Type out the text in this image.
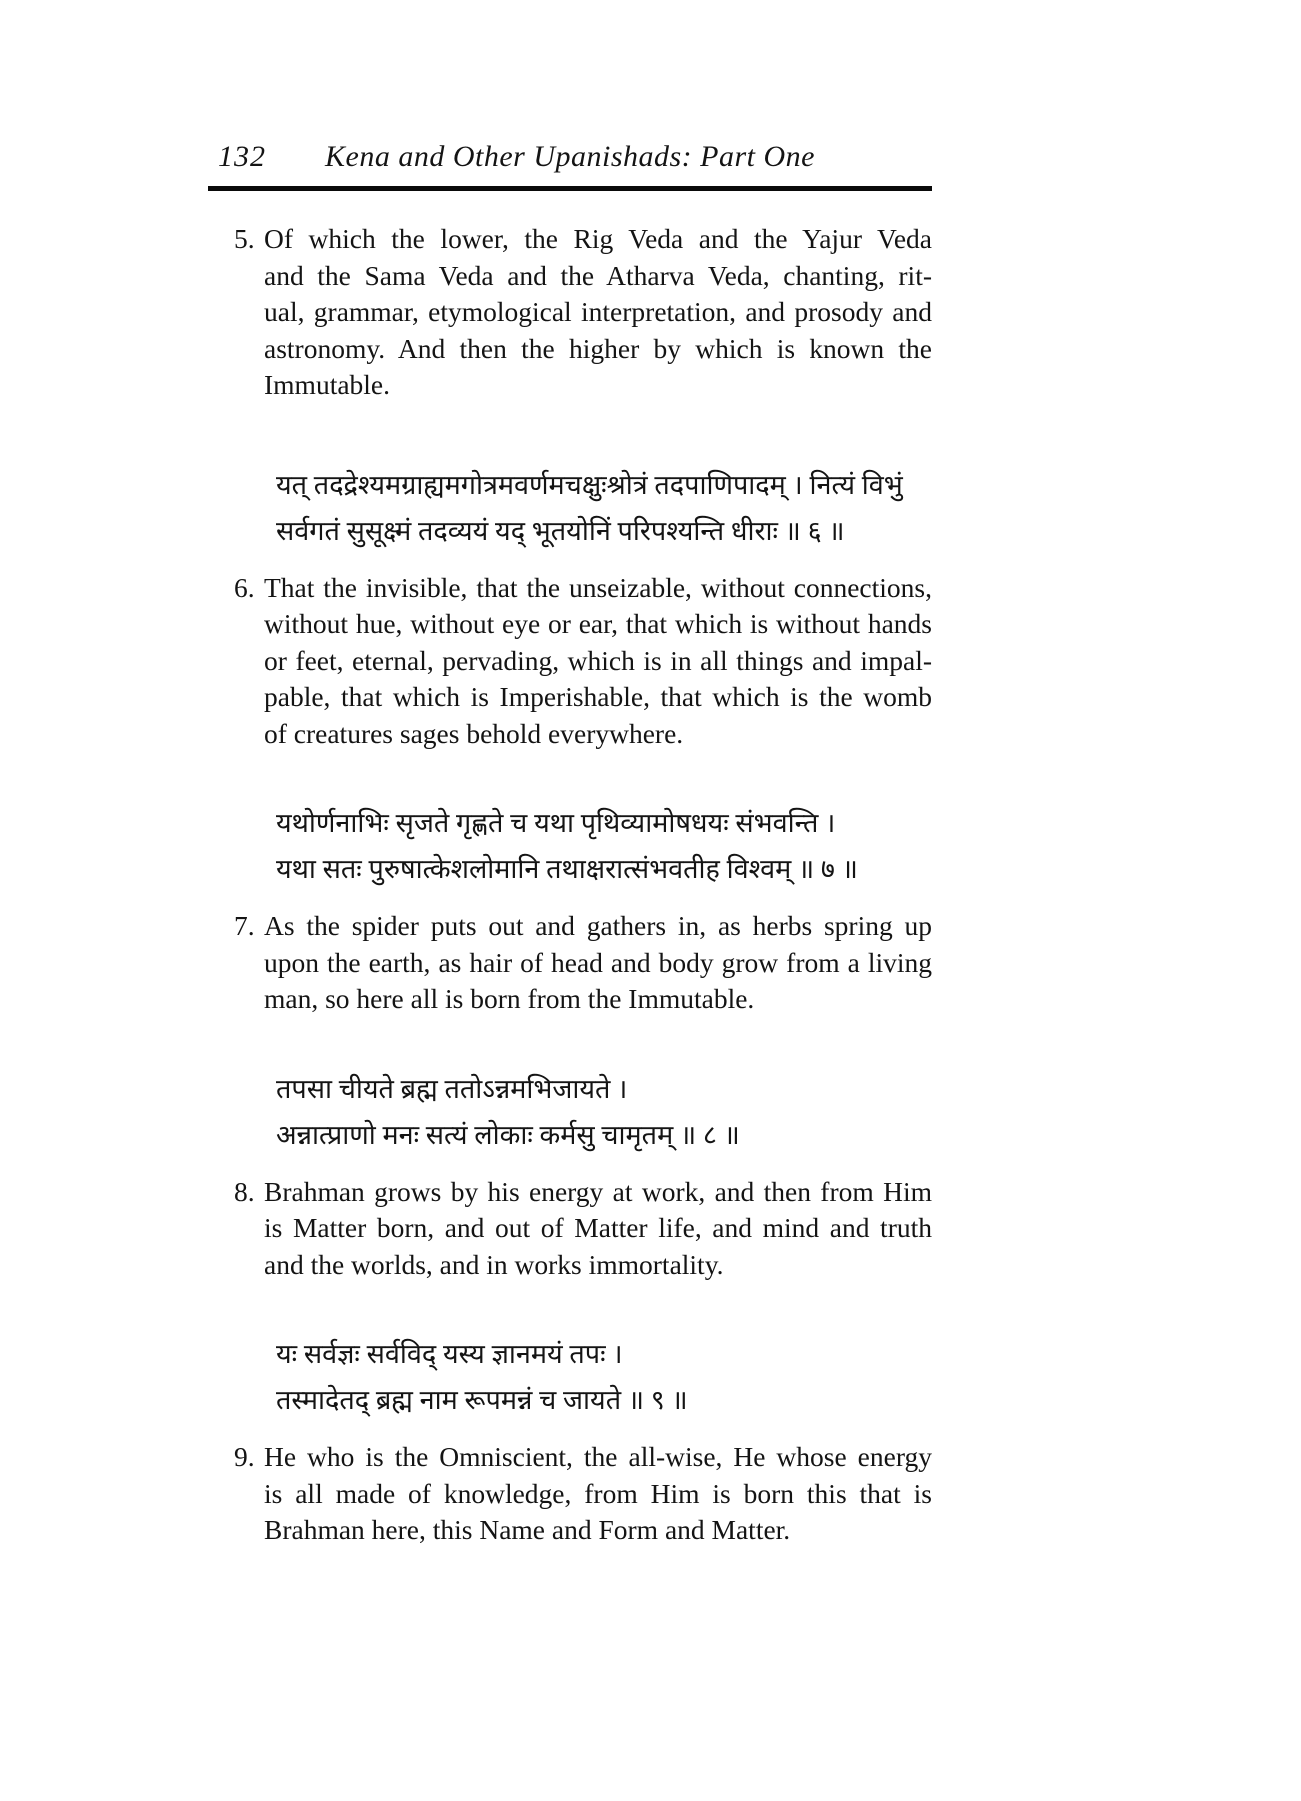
132	Kena and Other Upanishads: Part One
5. Of which the lower, the Rig Veda and the Yajur Veda
and the Sama Veda and the Atharva Veda, chanting, rit-
ual, grammar, etymological interpretation, and prosody and
astronomy. And then the higher by which is known the
Immutable.
यत् तदद्रेश्यमग्राह्यमगोत्रमवर्णमचक्षुःश्रोत्रं तदपाणिपादम् । नित्यं विभुं
सर्वगतं सुसूक्ष्मं तदव्ययं यद् भूतयोनिं परिपश्यन्ति धीराः ॥ ६ ॥
6. That the invisible, that the unseizable, without connections,
without hue, without eye or ear, that which is without hands
or feet, eternal, pervading, which is in all things and impal-
pable, that which is Imperishable, that which is the womb
of creatures sages behold everywhere.
यथोर्णनाभिः सृजते गृह्णते च यथा पृथिव्यामोषधयः संभवन्ति ।
यथा सतः पुरुषात्केशलोमानि तथाक्षरात्संभवतीह विश्वम् ॥ ७ ॥
7. As the spider puts out and gathers in, as herbs spring up
upon the earth, as hair of head and body grow from a living
man, so here all is born from the Immutable.
तपसा चीयते ब्रह्म ततोऽन्नमभिजायते ।
अन्नात्प्राणो मनः सत्यं लोकाः कर्मसु चामृतम् ॥ ८ ॥
8. Brahman grows by his energy at work, and then from Him
is Matter born, and out of Matter life, and mind and truth
and the worlds, and in works immortality.
यः सर्वज्ञः सर्वविद् यस्य ज्ञानमयं तपः ।
तस्मादेतद् ब्रह्म नाम रूपमन्नं च जायते ॥ ९ ॥
9. He who is the Omniscient, the all-wise, He whose energy
is all made of knowledge, from Him is born this that is
Brahman here, this Name and Form and Matter.
